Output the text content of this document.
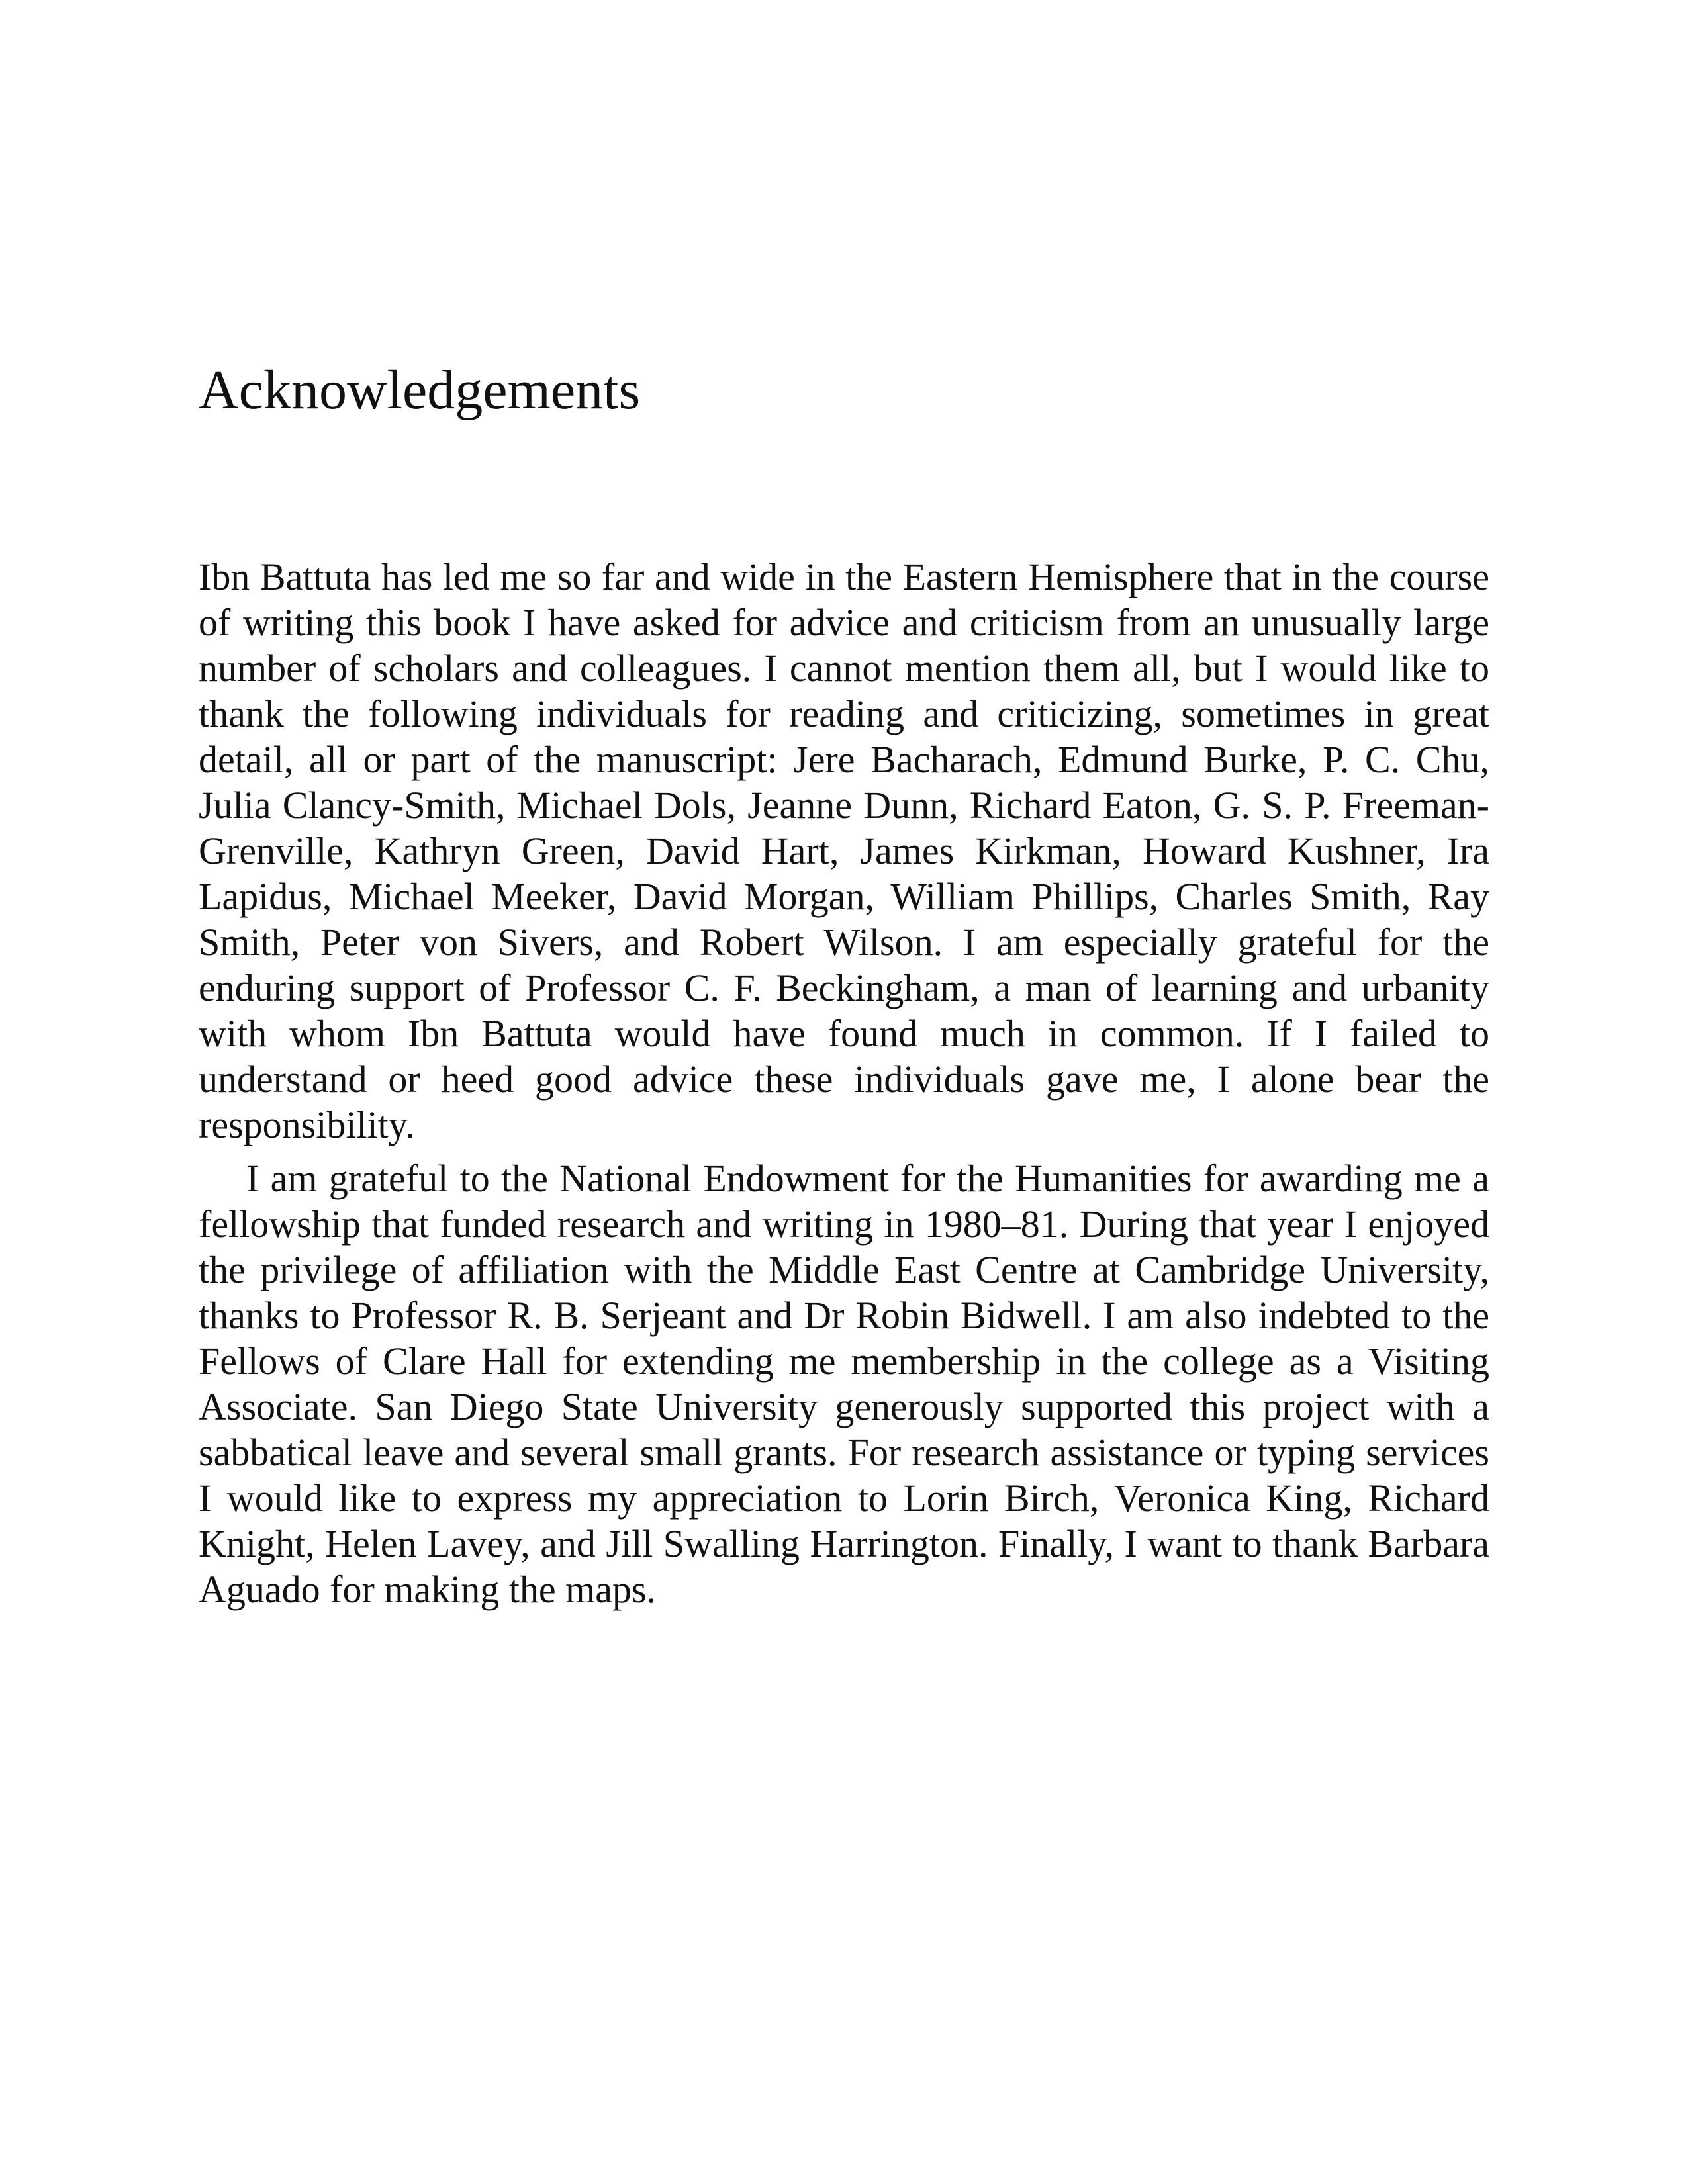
Acknowledgements

Ibn Battuta has led me so far and wide in the Eastern Hemisphere that in the course of writing this book I have asked for advice and criticism from an unusually large number of scholars and colleagues. I cannot mention them all, but I would like to thank the following individuals for reading and criticizing, sometimes in great detail, all or part of the manuscript: Jere Bacharach, Edmund Burke, P. C. Chu, Julia Clancy-Smith, Michael Dols, Jeanne Dunn, Richard Eaton, G. S. P. Freeman-Grenville, Kathryn Green, David Hart, James Kirkman, Howard Kushner, Ira Lapidus, Michael Meeker, David Morgan, William Phillips, Charles Smith, Ray Smith, Peter von Sivers, and Robert Wilson. I am especially grateful for the enduring support of Professor C. F. Beckingham, a man of learning and urbanity with whom Ibn Battuta would have found much in common. If I failed to understand or heed good advice these individuals gave me, I alone bear the responsibility.

I am grateful to the National Endowment for the Humanities for awarding me a fellowship that funded research and writing in 1980–81. During that year I enjoyed the privilege of affiliation with the Middle East Centre at Cambridge University, thanks to Professor R. B. Serjeant and Dr Robin Bidwell. I am also indebted to the Fellows of Clare Hall for extending me membership in the college as a Visiting Associate. San Diego State University generously supported this project with a sabbatical leave and several small grants. For research assistance or typing services I would like to express my appreciation to Lorin Birch, Veronica King, Richard Knight, Helen Lavey, and Jill Swalling Harrington. Finally, I want to thank Barbara Aguado for making the maps.
